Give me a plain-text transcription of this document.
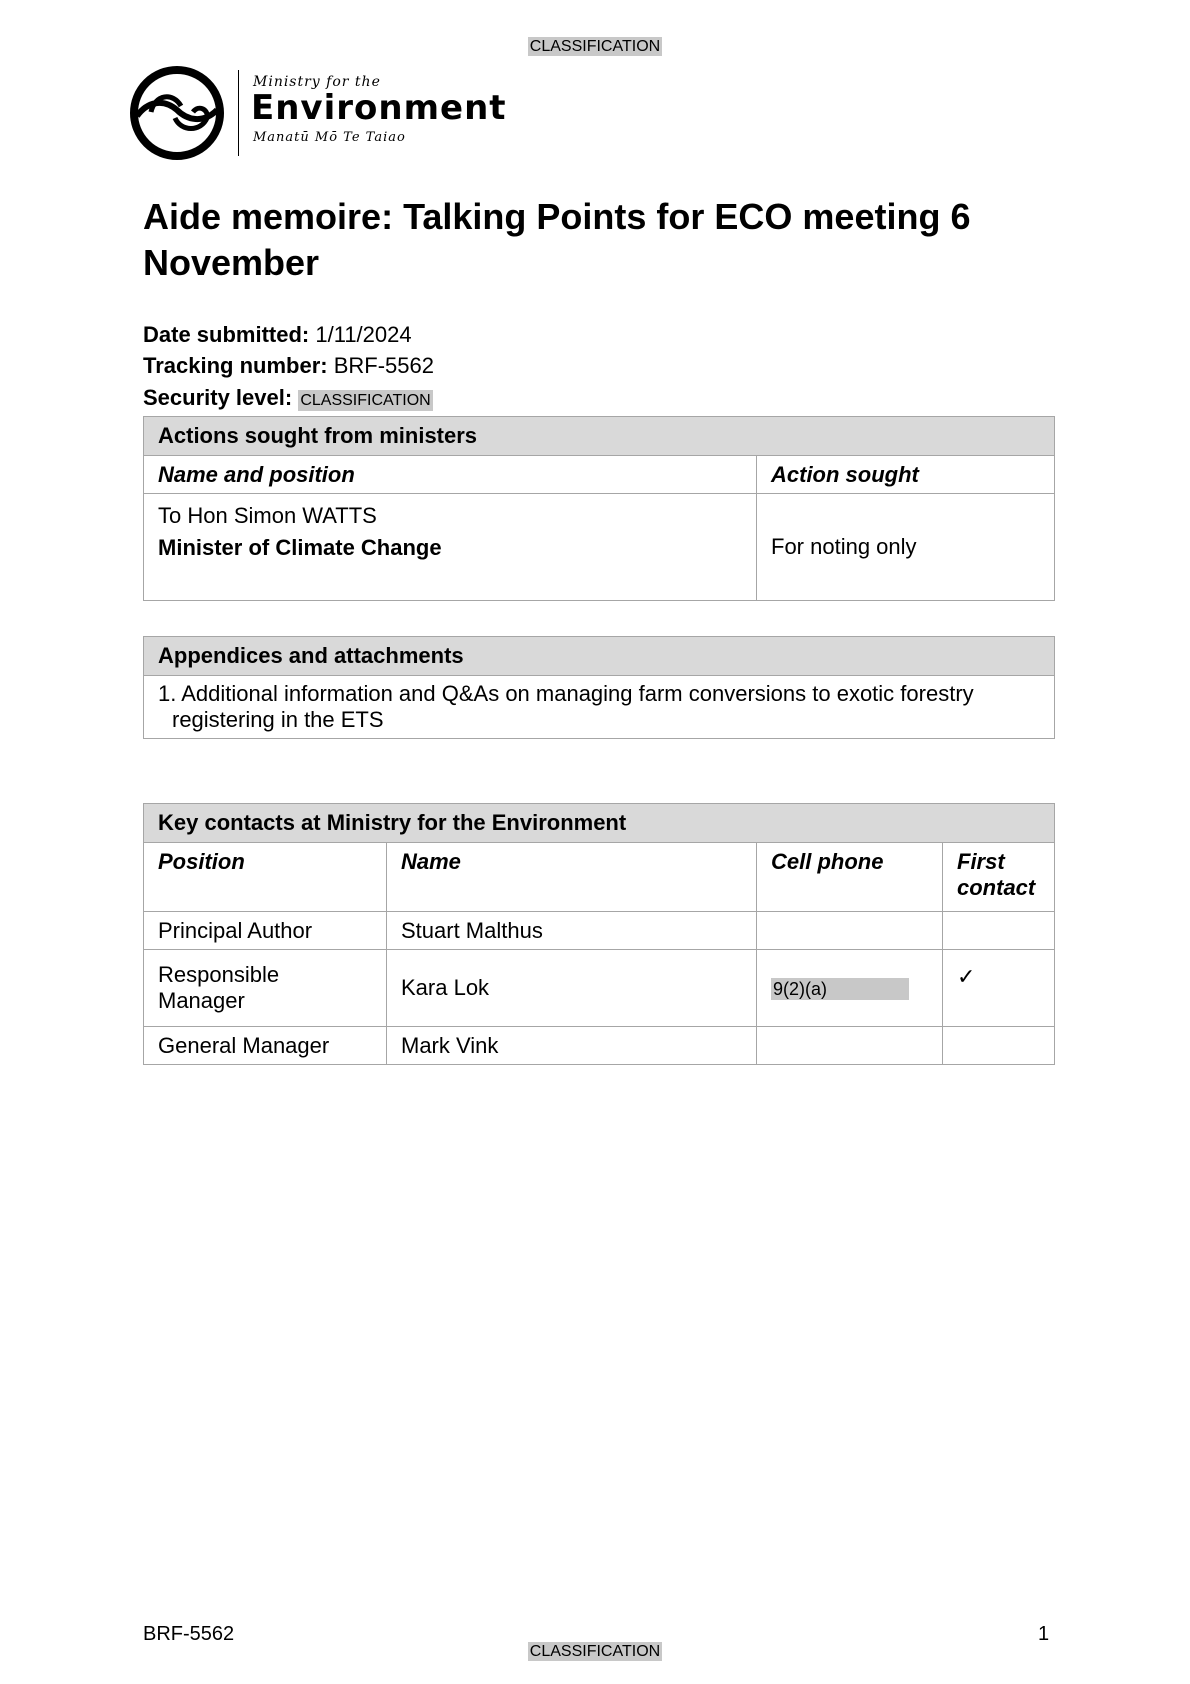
CLASSIFICATION
Ministry for the
Environment
Manatū Mō Te Taiao
Aide memoire: Talking Points for ECO meeting 6 November
Date submitted: 1/11/2024
Tracking number: BRF-5562
Security level: CLASSIFICATION
Actions sought from ministers	
Name and position	Action sought

To Hon Simon WATTS
Minister of Climate Change	For noting only
Appendices and attachments
1. Additional information and Q&As on managing farm conversions to exotic forestry registering in the ETS
Key contacts at Ministry for the Environment			
Position	Name	Cell phone	First contact
Principal Author	Stuart Malthus		
Responsible Manager	Kara Lok	9(2)(a)	✓
General Manager	Mark Vink		
BRF-5562	1
CLASSIFICATION
